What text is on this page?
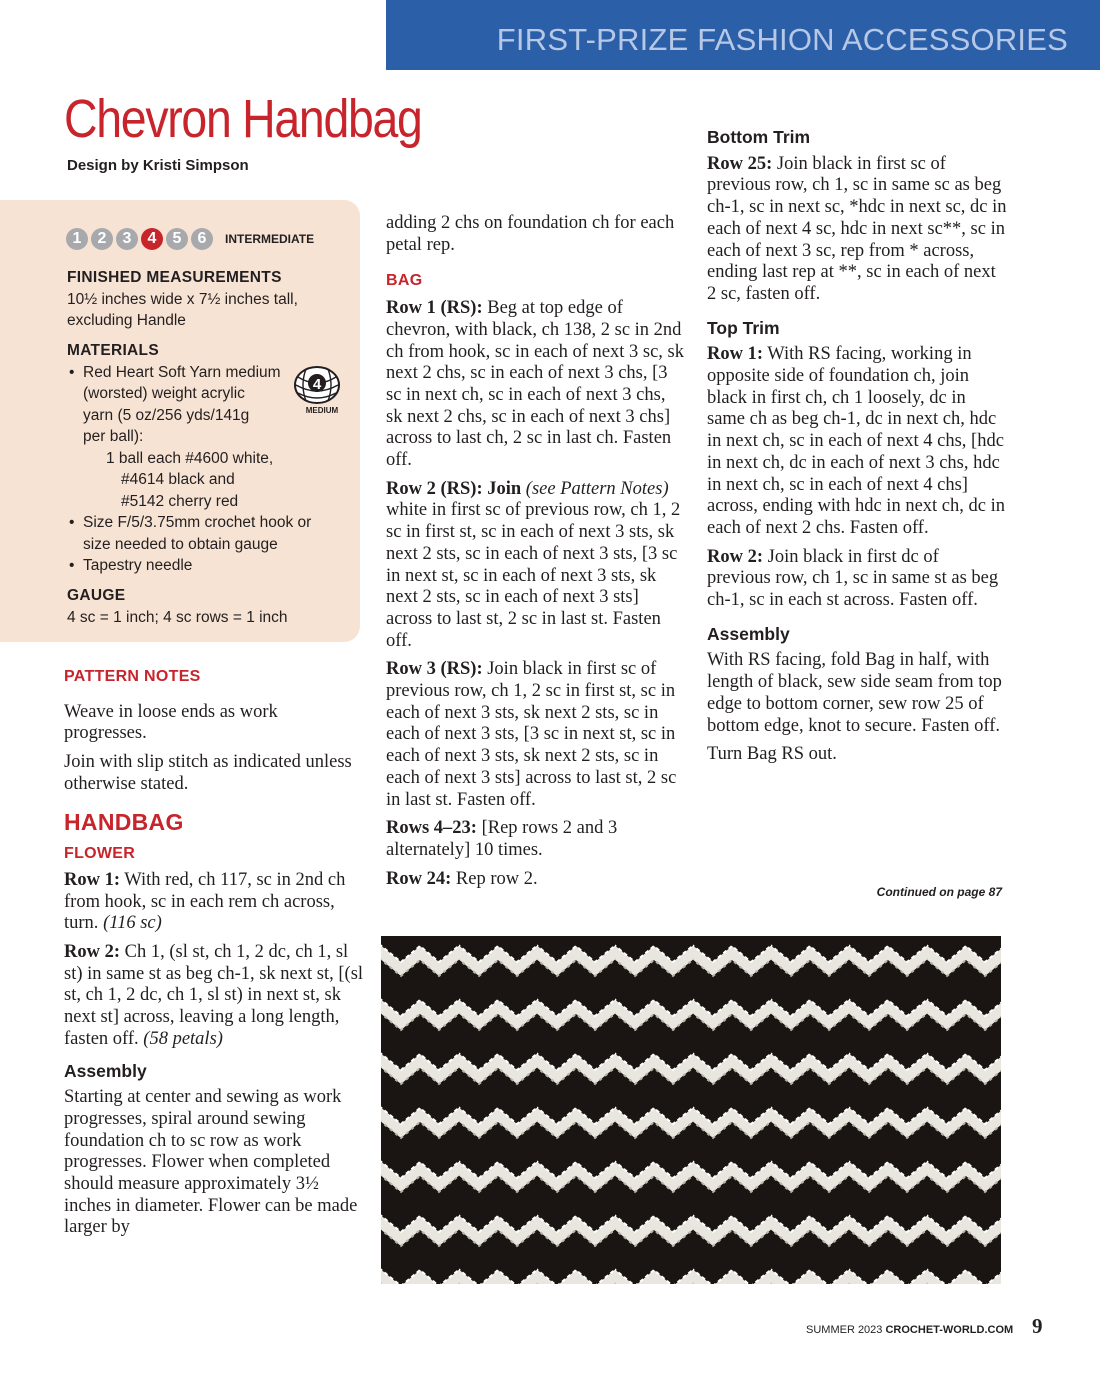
FIRST-PRIZE FASHION ACCESSORIES
Chevron Handbag
Design by Kristi Simpson
1	2	3	4	5	6	INTERMEDIATE
FINISHED MEASUREMENTS
10½ inches wide x 7½ inches tall, excluding Handle
MATERIALS
• Red Heart Soft Yarn medium
(worsted) weight acrylic
yarn (5 oz/256 yds/141g
per ball):
1 ball each #4600 white,
#4614 black and
#5142 cherry red
• Size F/5/3.75mm crochet hook or size needed to obtain gauge
• Tapestry needle
4
MEDIUM
GAUGE
4 sc = 1 inch; 4 sc rows = 1 inch
PATTERN NOTES

Weave in loose ends as work progresses.

Join with slip stitch as indicated unless otherwise stated.

HANDBAG
FLOWER

Row 1: With red, ch 117, sc in 2nd ch from hook, sc in each rem ch across, turn. (116 sc)

Row 2: Ch 1, (sl st, ch 1, 2 dc, ch 1, sl st) in same st as beg ch-1, sk next st, [(sl st, ch 1, 2 dc, ch 1, sl st) in next st, sk next st] across, leaving a long length, fasten off. (58 petals)

Assembly

Starting at center and sewing as work progresses, spiral around sewing foundation ch to sc row as work progresses. Flower when completed should measure approximately 3½ inches in diameter. Flower can be made larger by

adding 2 chs on foundation ch for each petal rep.

BAG

Row 1 (RS): Beg at top edge of chevron, with black, ch 138, 2 sc in 2nd ch from hook, sc in each of next 3 sc, sk next 2 chs, sc in each of next 3 chs, [3 sc in next ch, sc in each of next 3 chs, sk next 2 chs, sc in each of next 3 chs] across to last ch, 2 sc in last ch. Fasten off.

Row 2 (RS): Join (see Pattern Notes) white in first sc of previous row, ch 1, 2 sc in first st, sc in each of next 3 sts, sk next 2 sts, sc in each of next 3 sts, [3 sc in next st, sc in each of next 3 sts, sk next 2 sts, sc in each of next 3 sts] across to last st, 2 sc in last st. Fasten off.

Row 3 (RS): Join black in first sc of previous row, ch 1, 2 sc in first st, sc in each of next 3 sts, sk next 2 sts, sc in each of next 3 sts, [3 sc in next st, sc in each of next 3 sts, sk next 2 sts, sc in each of next 3 sts] across to last st, 2 sc in last st. Fasten off.

Rows 4–23: [Rep rows 2 and 3 alternately] 10 times.

Row 24: Rep row 2.

Bottom Trim

Row 25: Join black in first sc of previous row, ch 1, sc in same sc as beg ch-1, sc in next sc, *hdc in next sc, dc in each of next 4 sc, hdc in next sc**, sc in each of next 3 sc, rep from * across, ending last rep at **, sc in each of next 2 sc, fasten off.

Top Trim

Row 1: With RS facing, working in opposite side of foundation ch, join black in first ch, ch 1 loosely, dc in same ch as beg ch-1, dc in next ch, hdc in next ch, sc in each of next 4 chs, [hdc in next ch, dc in each of next 3 chs, hdc in next ch, sc in each of next 4 chs] across, ending with hdc in next ch, dc in each of next 2 chs. Fasten off.

Row 2: Join black in first dc of previous row, ch 1, sc in same st as beg ch-1, sc in each st across. Fasten off.

Assembly

With RS facing, fold Bag in half, with length of black, sew side seam from top edge to bottom corner, sew row 25 of bottom edge, knot to secure. Fasten off.

Turn Bag RS out.

Continued on page 87
SUMMER 2023 CROCHET-WORLD.COM 9
